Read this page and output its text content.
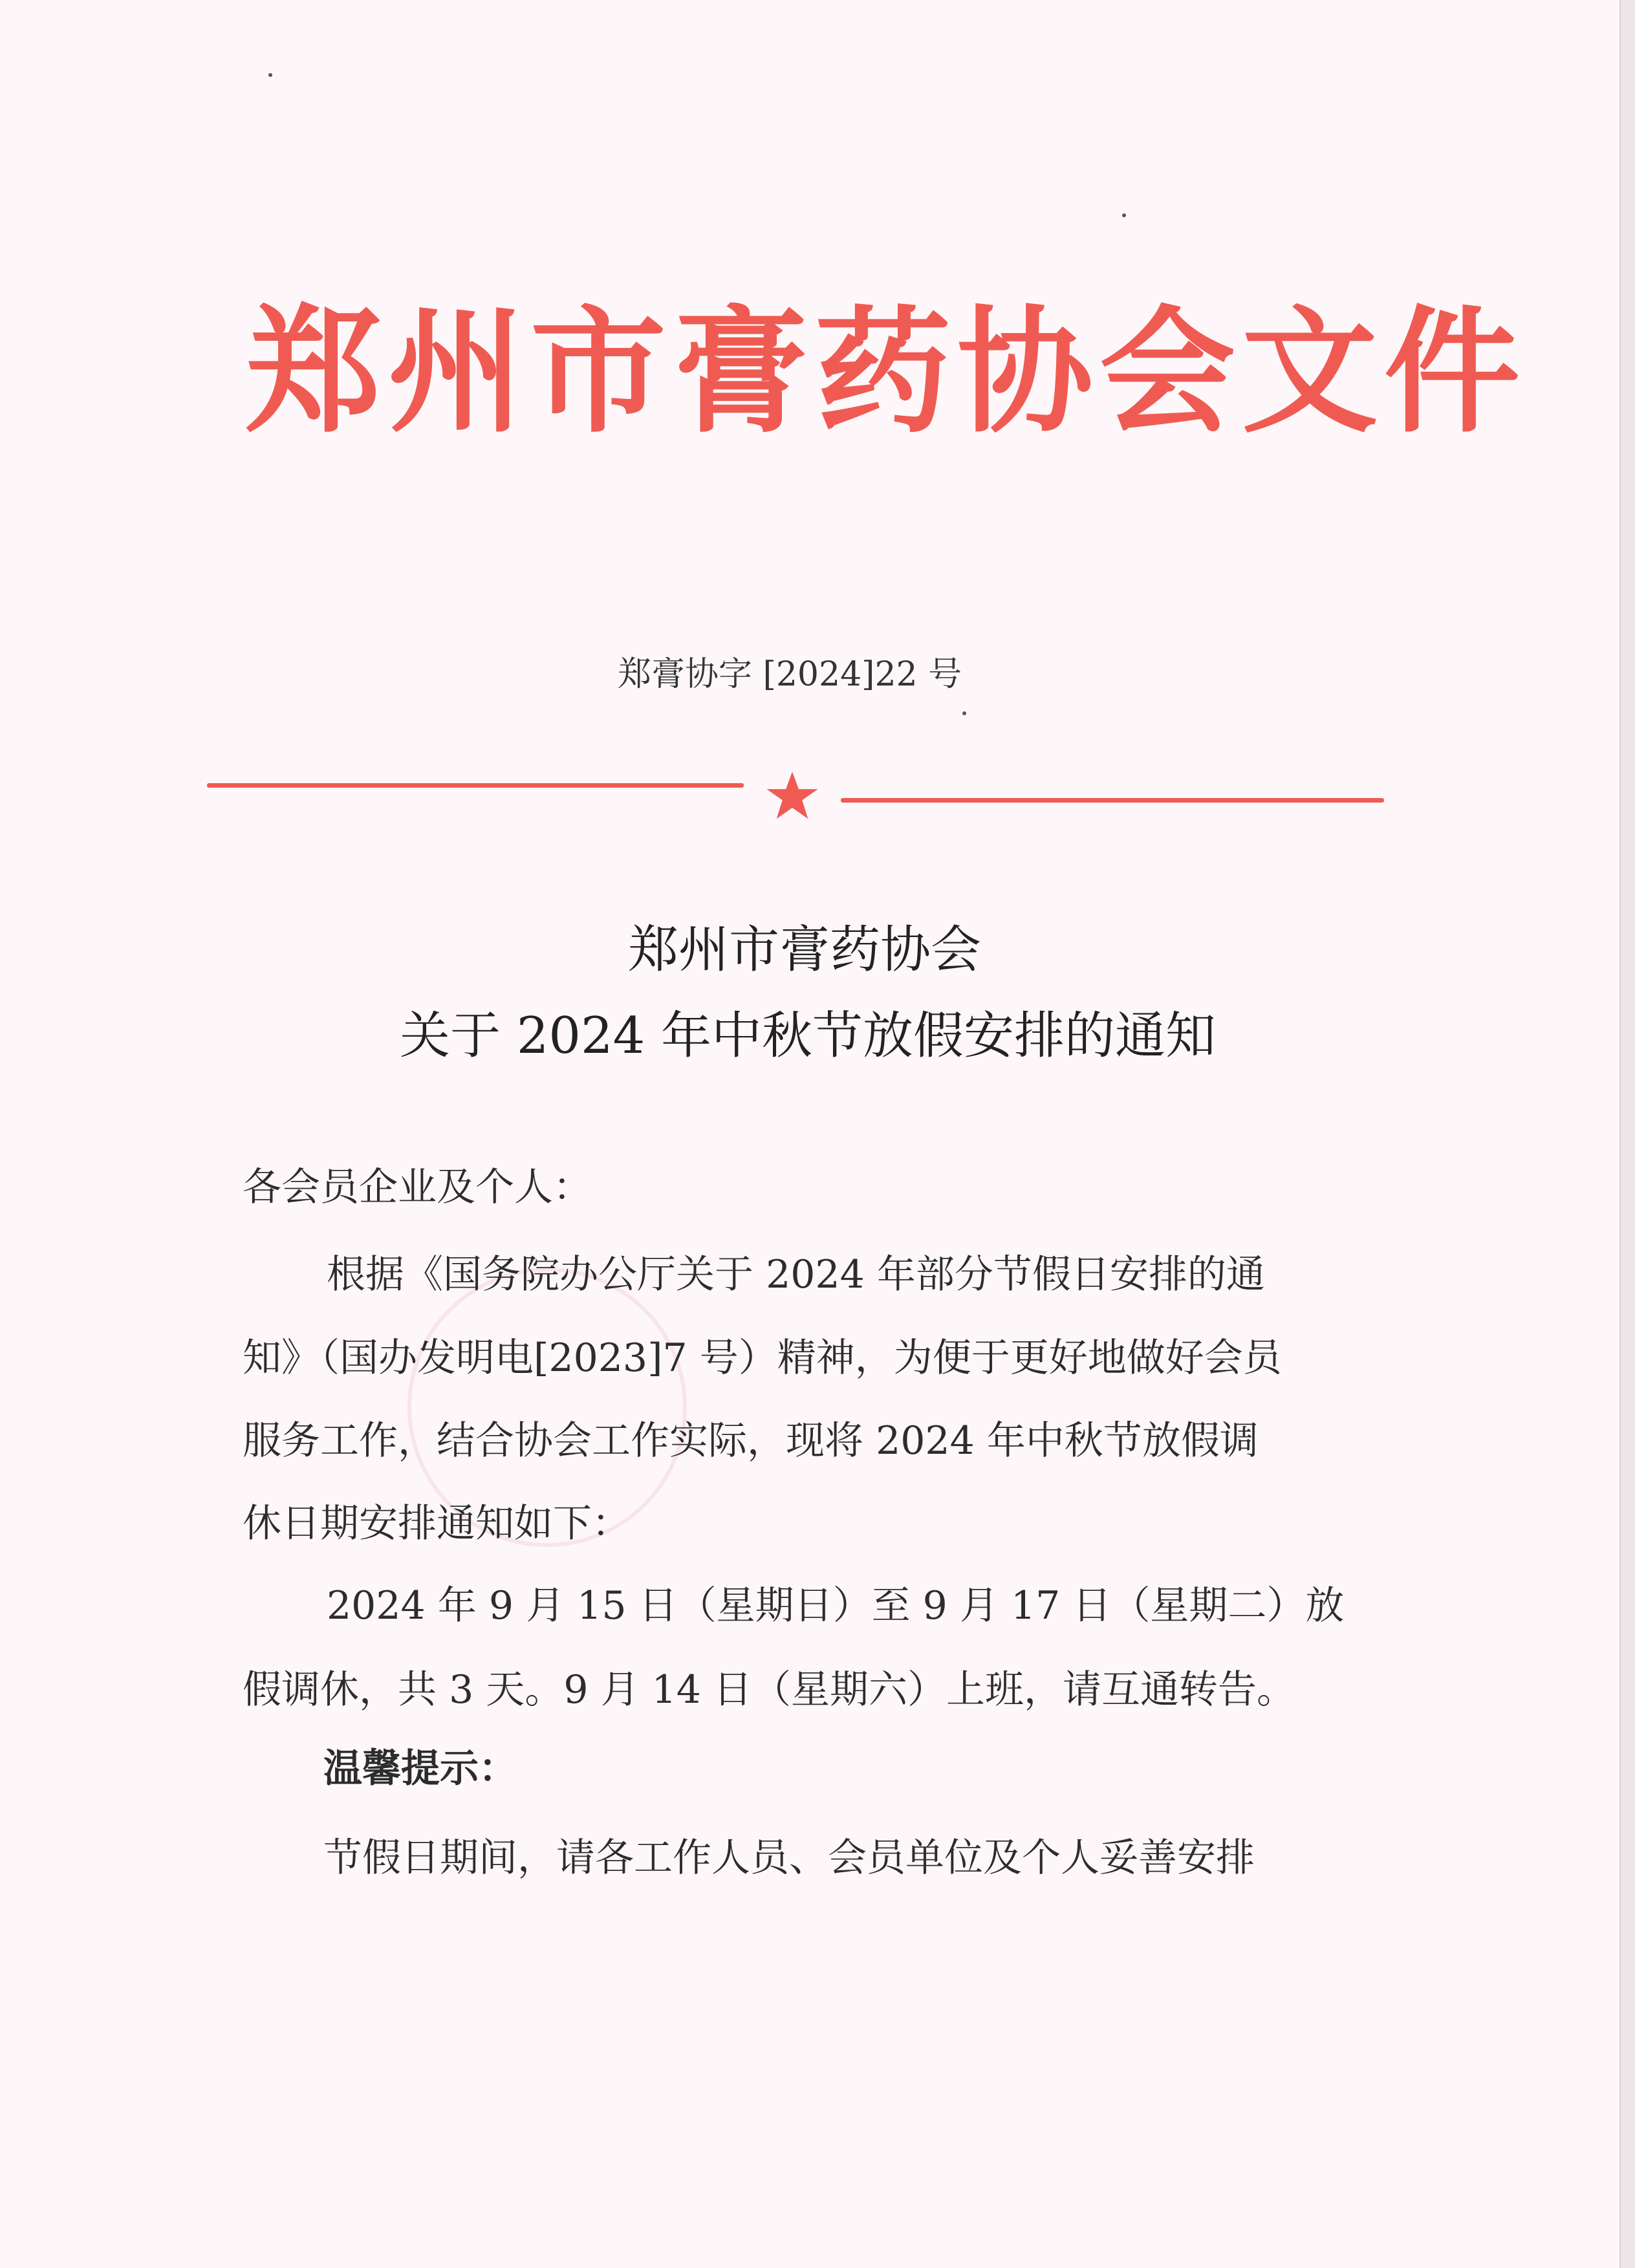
郑州市膏药协会文件
郑膏协字 [2024]22 号
郑州市膏药协会
关于 2024 年中秋节放假安排的通知
各会员企业及个人：
根据《国务院办公厅关于 2024 年部分节假日安排的通
知》（国办发明电[2023]7 号）精神，为便于更好地做好会员
服务工作，结合协会工作实际，现将 2024 年中秋节放假调
休日期安排通知如下：
2024 年 9 月 15 日（星期日）至 9 月 17 日（星期二）放
假调休，共 3 天。9 月 14 日（星期六）上班，请互通转告。
温馨提示：
节假日期间，请各工作人员、会员单位及个人妥善安排
